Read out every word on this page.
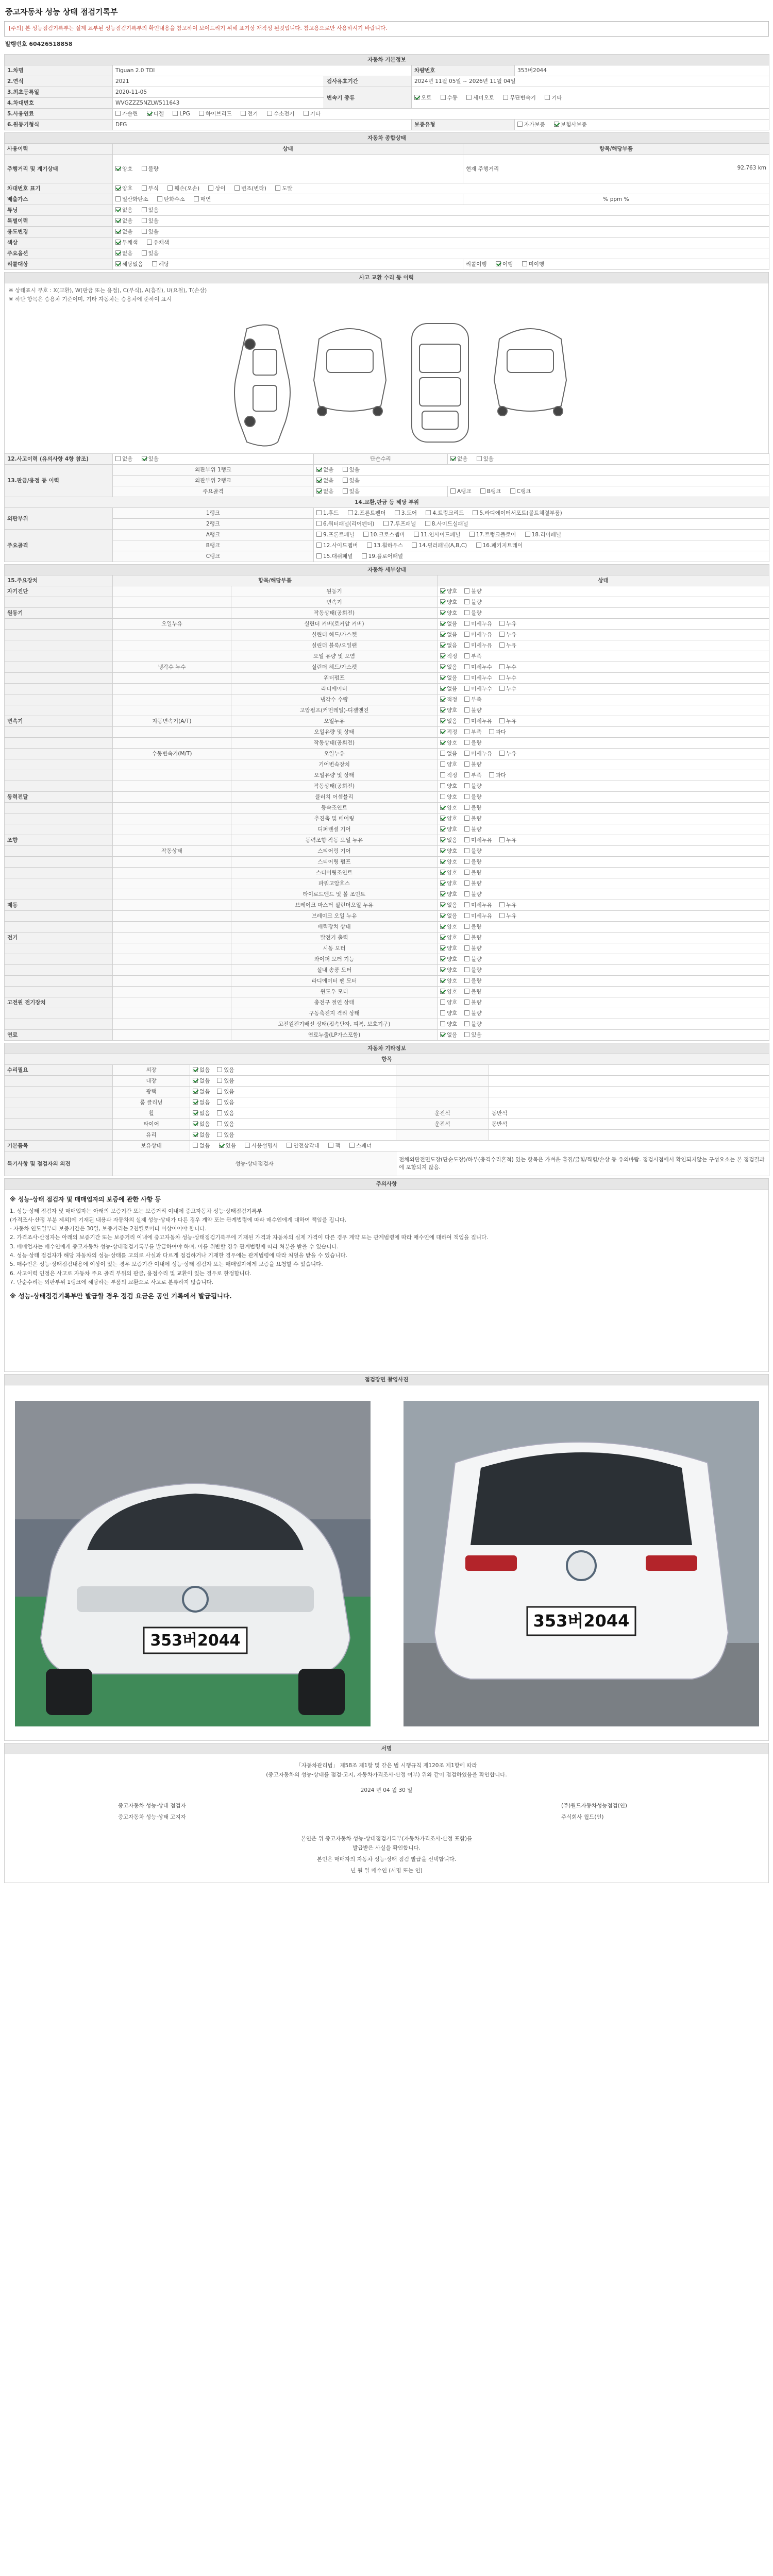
중고자동차 성능 상태 점검기록부
[주의] 본 성능점검기록부는 실제 교부된 성능점검기록부의 확인내용을 참고하여 보여드리기 위해 표기상 재작성 된것입니다. 참고용으로만 사용하시기 바랍니다.
발행번호 60426518858
자동차 기본정보				
1.차명	Tiguan 2.0 TDI		차량번호	353버2044
2.연식	2021	검사유효기간	2024년 11월 05일 ~ 2026년 11월 04일	
3.최초등록일	2020-11-05	변속기 종류	오토 수동 세미오토 무단변속기 기타	
4.차대번호	WVGZZZ5NZLW511643			
5.사용연료	가솔린 디젤 LPG 하이브리드 전기 수소전기 기타			
6.원동기형식	DFG		보증유형	자가보증 보험사보증
자동차 종합상태		
사용이력	상태	항목/해당부품
주행거리 및 계기상태	양호 불량	현재 주행거리 92,763 km

차대번호 표기	양호 부식 훼손(오손) 상이 변조(변타) 도말	
배출가스	일산화탄소 탄화수소 매연	% ppm %
튜닝	없음 있음	
특별이력	없음 있음	
용도변경	없음 있음	
색상	무채색 유채색	
주요옵션	없음 있음	
리콜대상	해당없음 해당	리콜이행 이행 미이행
사고 교환 수리 등 이력
※ 상태표시 부호 : X(교환), W(판금 또는 용접), C(부식), A(흠집), U(요철), T(손상)
※ 하단 항목은 승용차 기준이며, 기타 자동차는 승용차에 준하여 표시
12.사고이력 (유의사항 4항 참조)	없음 있음	단순수리	없음 있음
13.판금/용접 등 이력	외판부위 1랭크	없음 있음	
	외판부위 2랭크	없음 있음	
	주요골격	없음 있음	A랭크 B랭크 C랭크
14.교환,판금 등 해당 부위			
외판부위	1랭크	1.후드 2.프론트펜더 3.도어 4.트렁크리드 5.라디에이터서포트(볼트체결부품)	
	2랭크	6.쿼터패널(리어펜더) 7.루프패널 8.사이드실패널	
주요골격	A랭크	9.프론트패널 10.크로스멤버 11.인사이드패널 17.트렁크플로어 18.리어패널	
	B랭크	12.사이드멤버 13.휠하우스 14.필러패널(A,B,C) 16.패키지트레이	
	C랭크	15.대쉬패널 19.플로어패널	
자동차 세부상태			
15.주요장치	항목/해당부품		상태
자기진단		원동기	양호 불량
		변속기	양호 불량
원동기		작동상태(공회전)	양호 불량
	오일누유	실린더 커버(로커암 커버)	없음 미세누유 누유
		실린더 헤드/가스켓	없음 미세누유 누유
		실린더 블록/오일팬	없음 미세누유 누유
		오일 유량 및 오염	적정 부족
	냉각수 누수	실린더 헤드/가스켓	없음 미세누수 누수
		워터펌프	없음 미세누수 누수
		라디에이터	없음 미세누수 누수
		냉각수 수량	적정 부족
		고압펌프(커먼레일)-디젤엔진	양호 불량
변속기	자동변속기(A/T)	오일누유	없음 미세누유 누유
		오일유량 및 상태	적정 부족 과다
		작동상태(공회전)	양호 불량
	수동변속기(M/T)	오일누유	없음 미세누유 누유
		기어변속장치	양호 불량
		오일유량 및 상태	적정 부족 과다
		작동상태(공회전)	양호 불량
동력전달		클러치 어셈블리	양호 불량
		등속조인트	양호 불량
		추진축 및 베어링	양호 불량
		디퍼렌셜 기어	양호 불량
조향		동력조향 작동 오일 누유	없음 미세누유 누유
	작동상태	스티어링 기어	양호 불량
		스티어링 펌프	양호 불량
		스티어링조인트	양호 불량
		파워고압호스	양호 불량
		타이로드엔드 및 볼 조인트	양호 불량
제동		브레이크 마스터 실린더오일 누유	없음 미세누유 누유
		브레이크 오일 누유	없음 미세누유 누유
		배력장치 상태	양호 불량
전기		발전기 출력	양호 불량
		시동 모터	양호 불량
		와이퍼 모터 기능	양호 불량
		실내 송풍 모터	양호 불량
		라디에이터 팬 모터	양호 불량
		윈도우 모터	양호 불량
고전원 전기장치		충전구 절연 상태	양호 불량
		구동축전지 격리 상태	양호 불량
		고전원전기배선 상태(접속단자, 피복, 보호기구)	양호 불량
연료		연료누출(LP가스포함)	없음 있음
자동차 기타정보				
항목				
수리필요	외장	없음 있음		
	내장	없음 있음		
	광택	없음 있음		
	룸 클리닝	없음 있음		
	휠	없음 있음	운전석	동반석
	타이어	없음 있음	운전석	동반석
	유리	없음 있음		
기본품목	보유상태	없음 있음 사용설명서 안전삼각대 잭 스패너		
특기사항 및 점검자의 의견	성능·상태점검자		전체외판전면도장(단순도장)/하부(충격수리흔적) 있는 항목은 가벼운 흠집/긁힘/찍힘/손상 등 유의바람. 점검시점에서 확인되지않는 구성요소는 본 점검결과에 포함되지 않음.	
주의사항
※ 성능·상태 점검자 및 매매업자의 보증에 관한 사항 등
1. 성능·상태 점검자 및 매매업자는 아래의 보증기간 또는 보증거리 이내에 중고자동차 성능·상태점검기록부
(가격조사·산정 부분 제외)에 기재된 내용과 자동차의 실제 성능·상태가 다른 경우 계약 또는 관계법령에 따라 매수인에게 대하여 책임을 집니다.
- 자동차 인도일부터 보증기간은 30일, 보증거리는 2천킬로미터 이상이어야 합니다.
2. 가격조사·산정자는 아래의 보증기간 또는 보증거리 이내에 중고자동차 성능·상태점검기록부에 기재된 가격과 자동차의 실제 가격이 다른 경우 계약 또는 관계법령에 따라 매수인에 대하여 책임을 집니다.
3. 매매업자는 매수인에게 중고자동차 성능·상태점검기록부를 발급하여야 하며, 이를 위반할 경우 관계법령에 따라 처분을 받을 수 있습니다.
4. 성능·상태 점검자가 해당 자동차의 성능·상태를 고의로 사실과 다르게 점검하거나 기재한 경우에는 관계법령에 따라 처벌을 받을 수 있습니다.
5. 매수인은 성능·상태점검내용에 이상이 있는 경우 보증기간 이내에 성능·상태 점검자 또는 매매업자에게 보증을 요청할 수 있습니다.
6. 사고이력 인정은 사고로 자동차 주요 골격 부위의 판금, 용접수리 및 교환이 있는 경우로 한정합니다.
7. 단순수리는 외판부위 1랭크에 해당하는 부품의 교환으로 사고로 분류하지 않습니다.
※ 성능·상태점검기록부만 발급할 경우 점검 요금은 공인 기록에서 발급됩니다.
점검장면 촬영사진
353버2044
353버2044
서명
「자동차관리법」 제58조 제1항 및 같은 법 시행규칙 제120조 제1항에 따라
(중고자동차의 성능·상태를 점검·고지, 자동차가격조사·산정 여부) 위와 같이 점검하였음을 확인합니다.
2024 년 04 월 30 일
중고자동차 성능·상태 점검자	(주)월드자동차성능점검(인)
중고자동차 성능·상태 고지자	주식회사 월드(인)
본인은 위 중고자동차 성능·상태점검기록부(자동차가격조사·산정 포함)를
발급받은 사실을 확인합니다.
본인은 매매자의 자동차 성능·상태 점검 발급을 선택합니다.
년 월 일 매수인 (서명 또는 인)
